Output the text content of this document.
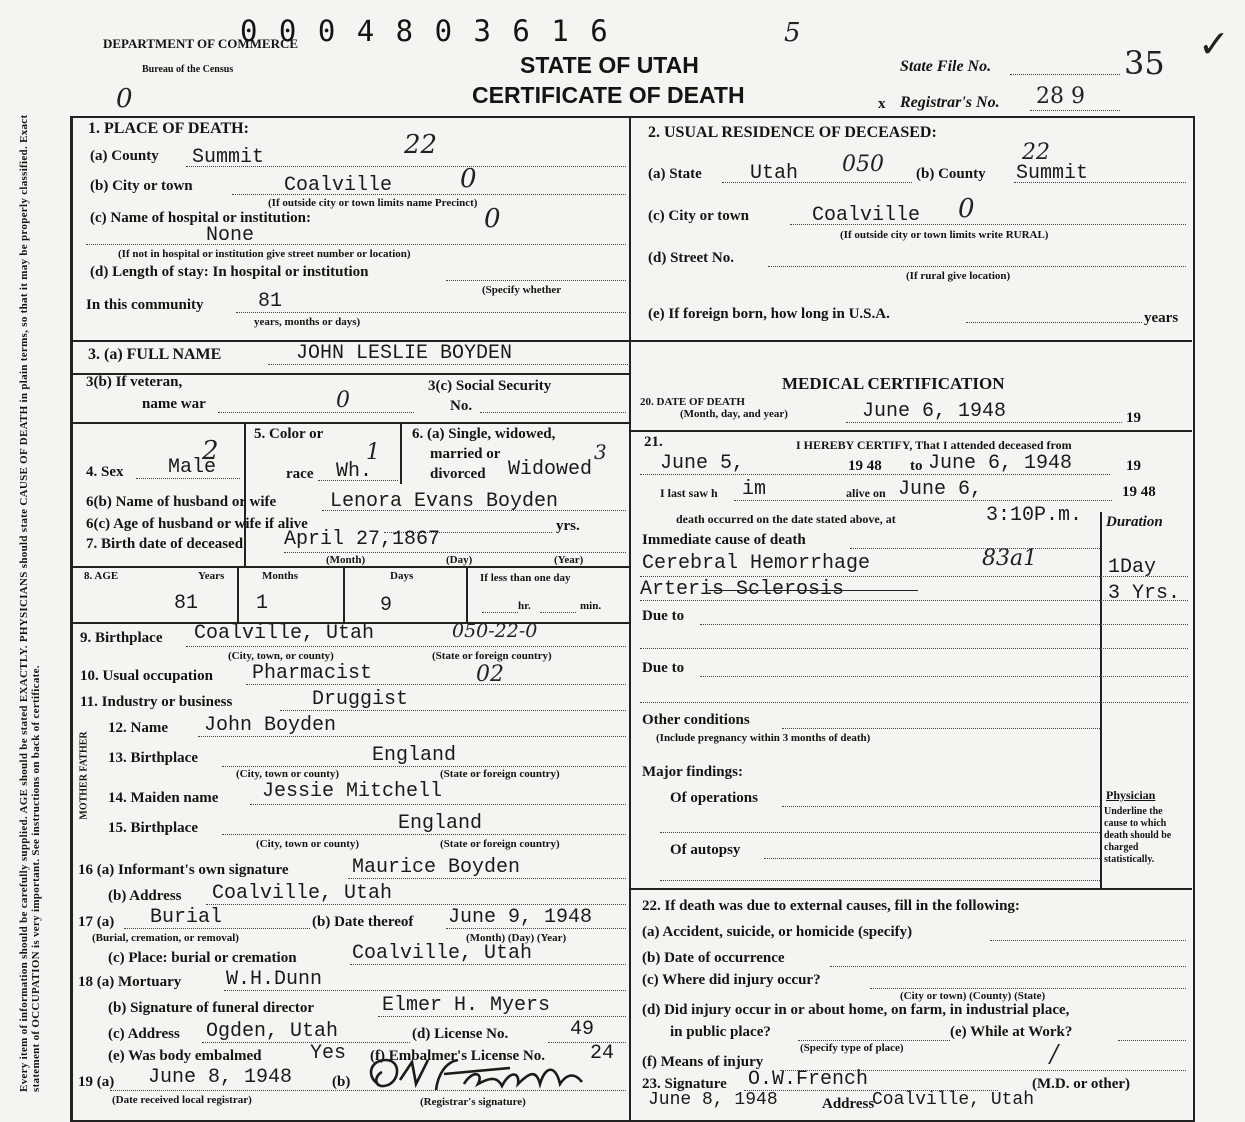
0 0 0 4 8 0 3 6 1 6	5	✓
DEPARTMENT OF COMMERCE
Bureau of the Census	STATE OF UTAH
CERTIFICATE OF DEATH
State File No.	35
0	x Registrar's No. 28 9
Every item of information should be carefully supplied. AGE should be stated EXACTLY. PHYSICIANS should state CAUSE OF DEATH in plain terms, so that it may be properly classified. Exact statement of OCCUPATION is very important. See instructions on back of certificate.
1. PLACE OF DEATH:
(a) County Summit	22
(b) City or town	Coalville	0
(If outside city or town limits name Precinct)
(c) Name of hospital or institution:	0
None
(If not in hospital or institution give street number or location)
(d) Length of stay: In hospital or institution
(Specify whether
In this community	81
years, months or days)
2. USUAL RESIDENCE OF DECEASED:
(a) State Utah 050 (b) County Summit
22
(c) City or town	Coalville 0
(If outside city or town limits write RURAL)
(d) Street No.
(If rural give location)
(e) If foreign born, how long in U.S.A.	years
3. (a) FULL NAME	JOHN LESLIE BOYDEN
3(b) If veteran,
name war	0
3(c) Social Security
No.
4. Sex Male
2
5. Color or
race Wh.
1
6. (a) Single, widowed,
married or
divorced Widowed
3
6(b) Name of husband or wife	Lenora Evans Boyden
6(c) Age of husband or wife if alive	yrs.
7. Birth date of deceased April 27,1867
(Month)	(Day)	(Year)
8. AGE	Years	Months	Days	If less than one day
81	1	9	hr.	min.
9. Birthplace Coalville, Utah	050-22-0
(City, town, or county)	(State or foreign country)
10. Usual occupation Pharmacist	02
11. Industry or business	Druggist
MOTHER FATHER
12. Name John Boyden
13. Birthplace	England
(City, town or county)	(State or foreign country)
14. Maiden name Jessie Mitchell
15. Birthplace	England
(City, town or county)	(State or foreign country)
16 (a) Informant's own signature	Maurice Boyden
(b) Address Coalville, Utah
17 (a) Burial
(Burial, cremation, or removal)
(b) Date thereof June 9, 1948
(Month) (Day) (Year)
(c) Place: burial or cremation	Coalville, Utah
18 (a) Mortuary W.H.Dunn
(b) Signature of funeral director	Elmer H. Myers
(c) Address Ogden, Utah	(d) License No.	49
(e) Was body embalmed Yes (f) Embalmer's License No. 24
19 (a) June 8, 1948	(b)
(Date received local registrar)	(Registrar's signature)
MEDICAL CERTIFICATION
20. DATE OF DEATH
(Month, day, and year)	June 6, 1948	19
21.	I HEREBY CERTIFY, That I attended deceased from
June 5,	19 48 to June 6, 1948	19
I last saw h im	alive on June 6,	19 48
death occurred on the date stated above, at	3:10P.m. Duration
Immediate cause of death
Cerebral Hemorrhage	83a1	1Day
Arteris Sclerosis	3 Yrs.
Due to
Due to
Other conditions
(Include pregnancy within 3 months of death)
Major findings:
Of operations
Of autopsy
Physician
Underline the cause to which death should be charged statistically.
22. If death was due to external causes, fill in the following:
(a) Accident, suicide, or homicide (specify)
(b) Date of occurrence
(c) Where did injury occur?
(City or town) (County) (State)
(d) Did injury occur in or about home, on farm, in industrial place,
in public place?	(e) While at Work?
(Specify type of place)
(f) Means of injury	/
23. Signature O.W.French	(M.D. or other)
June 8, 1948	Address
Coalville, Utah
